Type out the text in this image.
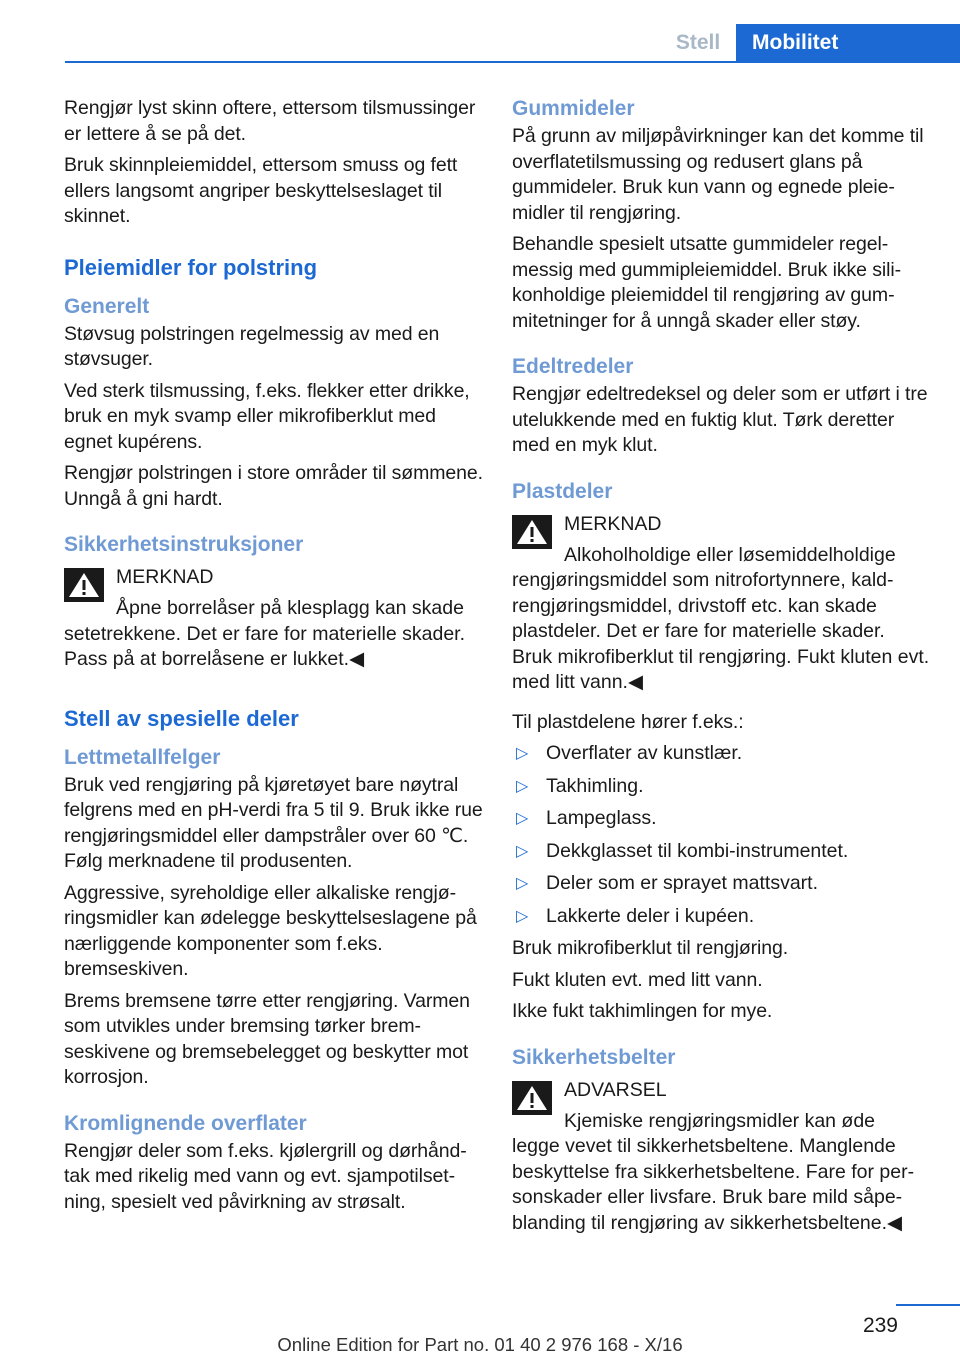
Stell	Mobilitet

Rengjør lyst skinn oftere, ettersom tilsmussinger er lettere å se på det.

Bruk skinnpleiemiddel, ettersom smuss og fett ellers langsomt angriper beskyttelseslaget til skinnet.

Pleiemidler for polstring
Generelt

Støvsug polstringen regelmessig av med en støvsuger.

Ved sterk tilsmussing, f.eks. flekker etter drikke, bruk en myk svamp eller mikrofiberklut med egnet kupérens.

Rengjør polstringen i store områder til sømmene. Unngå å gni hardt.

Sikkerhetsinstruksjoner
MERKNAD
Åpne borrelåser på klesplagg kan skade
setetrekkene. Det er fare for materielle skader. Pass på at borrelåsene er lukket.◀
Stell av spesielle deler
Lettmetallfelger

Bruk ved rengjøring på kjøretøyet bare nøytral felgrens med en pH-verdi fra 5 til 9. Bruk ikke rue rengjøringsmiddel eller dampstråler over 60 ℃. Følg merknadene til produsenten.

Aggressive, syreholdige eller alkaliske rengjøringsmidler kan ødelegge beskyttelseslagene på nærliggende komponenter som f.eks. bremseskiven.

Brems bremsene tørre etter rengjøring. Varmen som utvikles under bremsing tørker bremseskivene og bremsebelegget og beskytter mot korrosjon.

Kromlignende overflater

Rengjør deler som f.eks. kjølergrill og dørhåndtak med rikelig med vann og evt. sjampotilsetning, spesielt ved påvirkning av strøsalt.

Gummideler

På grunn av miljøpåvirkninger kan det komme til overflatetilsmussing og redusert glans på gummideler. Bruk kun vann og egnede pleiemidler til rengjøring.

Behandle spesielt utsatte gummideler regelmessig med gummipleiemiddel. Bruk ikke silikonholdige pleiemiddel til rengjøring av gummitetninger for å unngå skader eller støy.

Edeltredeler

Rengjør edeltredeksel og deler som er utført i tre utelukkende med en fuktig klut. Tørk deretter med en myk klut.

Plastdeler
MERKNAD
Alkoholholdige eller løsemiddelholdige
rengjøringsmiddel som nitrofortynnere, kaldrengjøringsmiddel, drivstoff etc. kan skade plastdeler. Det er fare for materielle skader. Bruk mikrofiberklut til rengjøring. Fukt kluten evt. med litt vann.◀

Til plastdelene hører f.eks.:

▷ Overflater av kunstlær.
▷ Takhimling.
▷ Lampeglass.
▷ Dekkglasset til kombi-instrumentet.
▷ Deler som er sprayet mattsvart.
▷ Lakkerte deler i kupéen.

Bruk mikrofiberklut til rengjøring.

Fukt kluten evt. med litt vann.

Ikke fukt takhimlingen for mye.

Sikkerhetsbelter
ADVARSEL
Kjemiske rengjøringsmidler kan øde
legge vevet til sikkerhetsbeltene. Manglende beskyttelse fra sikkerhetsbeltene. Fare for personskader eller livsfare. Bruk bare mild såpeblanding til rengjøring av sikkerhetsbeltene.◀
239
Online Edition for Part no. 01 40 2 976 168 - X/16
